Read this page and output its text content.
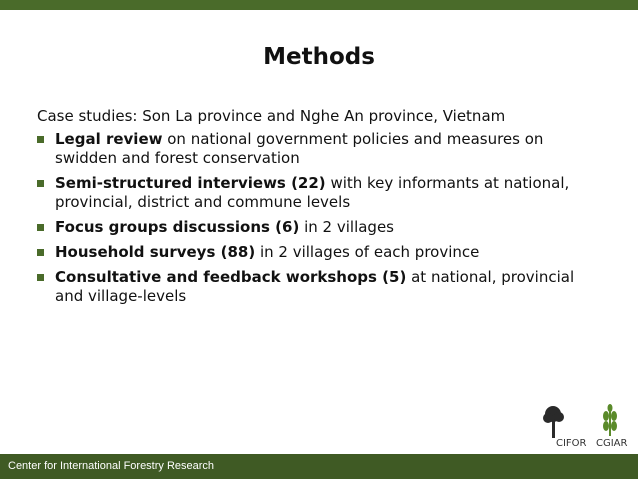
Methods

Case studies: Son La province and Nghe An province, Vietnam

Legal review on national government policies and measures on swidden and forest conservation
Semi-structured interviews (22) with key informants at national, provincial, district and commune levels
Focus groups discussions (6) in 2 villages
Household surveys (88) in 2 villages of each province
Consultative and feedback workshops (5) at national, provincial and village-levels
CIFOR CGIAR
Center for International Forestry Research
